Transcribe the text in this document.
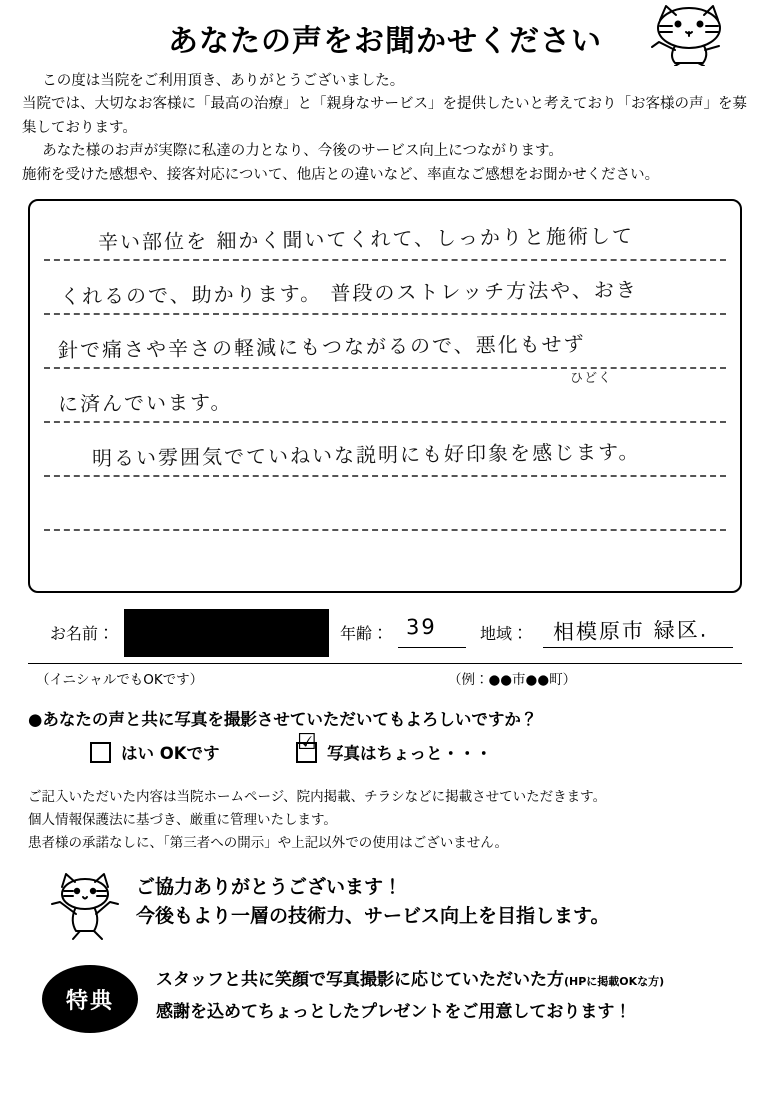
あなたの声をお聞かせください

この度は当院をご利用頂き、ありがとうございました。

当院では、大切なお客様に「最高の治療」と「親身なサービス」を提供したいと考えており「お客様の声」を募集しております。

あなた様のお声が実際に私達の力となり、今後のサービス向上につながります。

施術を受けた感想や、接客対応について、他店との違いなど、率直なご感想をお聞かせください。

辛い部位を 細かく聞いてくれて、しっかりと施術して
くれるので、助かります。 普段のストレッチ方法や、おき
針で痛さや辛さの軽減にもつながるので、悪化もせず
ひどく
に済んでいます。
明るい雰囲気でていねいな説明にも好印象を感じます。
お名前：	年齢： 39	地域： 相模原市 緑区.
（イニシャルでもOKです）	（例：●●市●●町）
●あなたの声と共に写真を撮影させていただいてもよろしいですか？
はい OKです	☑ 写真はちょっと・・・

ご記入いただいた内容は当院ホームページ、院内掲載、チラシなどに掲載させていただきます。

個人情報保護法に基づき、厳重に管理いたします。

患者様の承諾なしに、「第三者への開示」や上記以外での使用はございません。

ご協力ありがとうございます！
今後もより一層の技術力、サービス向上を目指します。
特典
スタッフと共に笑顔で写真撮影に応じていただいた方(HPに掲載OKな方)
感謝を込めてちょっとしたプレゼントをご用意しております！
